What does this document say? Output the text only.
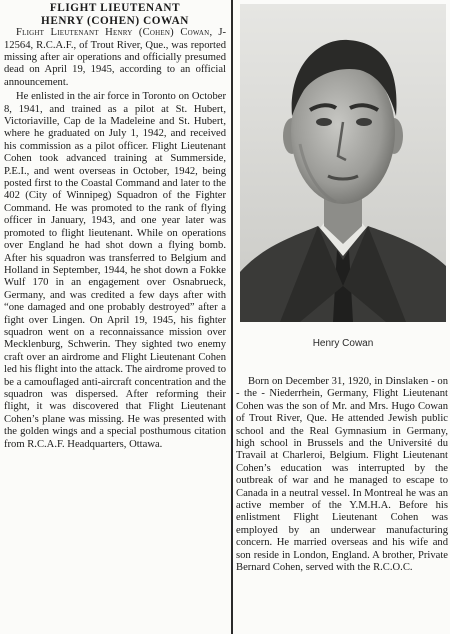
FLIGHT LIEUTENANT
HENRY (COHEN) COWAN

Flight Lieutenant Henry (Cohen) Cowan, J-12564, R.C.A.F., of Trout River, Que., was reported missing after air operations and officially presumed dead on April 19, 1945, according to an official announcement.

He enlisted in the air force in Toronto on October 8, 1941, and trained as a pilot at St. Hubert, Victoriaville, Cap de la Madeleine and St. Hubert, where he graduated on July 1, 1942, and received his commission as a pilot officer. Flight Lieutenant Cohen took advanced training at Summerside, P.E.I., and went overseas in October, 1942, being posted first to the Coastal Command and later to the 402 (City of Winnipeg) Squadron of the Fighter Command. He was promoted to the rank of flying officer in January, 1943, and one year later was promoted to flight lieutenant. While on operations over England he had shot down a flying bomb. After his squadron was transferred to Belgium and Holland in September, 1944, he shot down a Fokke Wulf 170 in an engagement over Osnabrueck, Germany, and was credited a few days after with “one damaged and one probably destroyed” after a fight over Lingen. On April 19, 1945, his fighter squadron went on a reconnaissance mission over Mecklenburg, Schwerin. They sighted two enemy craft over an airdrome and Flight Lieutenant Cohen led his flight into the attack. The airdrome proved to be a camouflaged anti-aircraft concentration and the squadron was dispersed. After reforming their flight, it was discovered that Flight Lieutenant Cohen’s plane was missing. He was presented with the golden wings and a special posthumous citation from R.C.A.F. Headquarters, Ottawa.

Henry Cowan

Born on December 31, 1920, in Dinslaken - on - the - Niederrhein, Germany, Flight Lieutenant Cohen was the son of Mr. and Mrs. Hugo Cowan of Trout River, Que. He attended Jewish public school and the Real Gymnasium in Germany, high school in Brussels and the Université du Travail at Charleroi, Belgium. Flight Lieutenant Cohen’s education was interrupted by the outbreak of war and he managed to escape to Canada in a neutral vessel. In Montreal he was an active member of the Y.M.H.A. Before his enlistment Flight Lieutenant Cohen was employed by an underwear manufacturing concern. He married overseas and his wife and son reside in London, England. A brother, Private Bernard Cohen, served with the R.C.O.C.
